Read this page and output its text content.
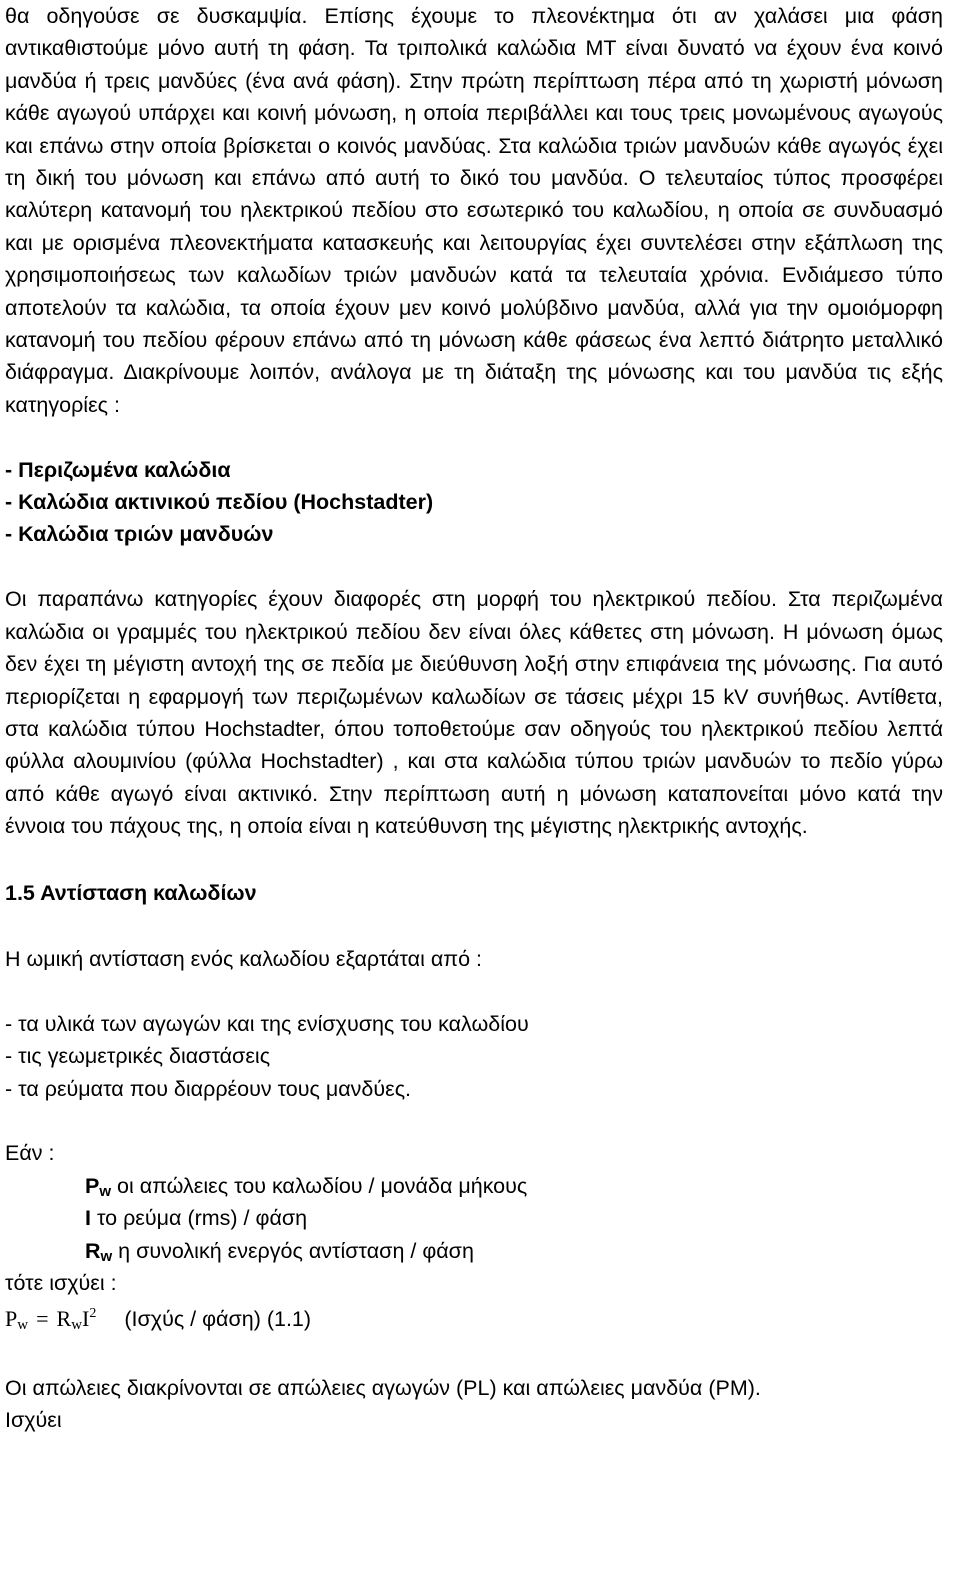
θα οδηγούσε σε δυσκαμψία. Επίσης έχουμε το πλεονέκτημα ότι αν χαλάσει μια φάση αντικαθιστούμε μόνο αυτή τη φάση. Τα τριπολικά καλώδια ΜΤ είναι δυνατό να έχουν ένα κοινό μανδύα ή τρεις μανδύες (ένα ανά φάση). Στην πρώτη περίπτωση πέρα από τη χωριστή μόνωση κάθε αγωγού υπάρχει και κοινή μόνωση, η οποία περιβάλλει και τους τρεις μονωμένους αγωγούς και επάνω στην οποία βρίσκεται ο κοινός μανδύας. Στα καλώδια τριών μανδυών κάθε αγωγός έχει τη δική του μόνωση και επάνω από αυτή το δικό του μανδύα. Ο τελευταίος τύπος προσφέρει καλύτερη κατανομή του ηλεκτρικού πεδίου στο εσωτερικό του καλωδίου, η οποία σε συνδυασμό και με ορισμένα πλεονεκτήματα κατασκευής και λειτουργίας έχει συντελέσει στην εξάπλωση της χρησιμοποιήσεως των καλωδίων τριών μανδυών κατά τα τελευταία χρόνια. Ενδιάμεσο τύπο αποτελούν τα καλώδια, τα οποία έχουν μεν κοινό μολύβδινο μανδύα, αλλά για την ομοιόμορφη κατανομή του πεδίου φέρουν επάνω από τη μόνωση κάθε φάσεως ένα λεπτό διάτρητο μεταλλικό διάφραγμα. Διακρίνουμε λοιπόν, ανάλογα με τη διάταξη της μόνωσης και του μανδύα τις εξής κατηγορίες :

- Περιζωμένα καλώδια

- Καλώδια ακτινικού πεδίου (Hochstadter)

- Καλώδια τριών μανδυών

Οι παραπάνω κατηγορίες έχουν διαφορές στη μορφή του ηλεκτρικού πεδίου. Στα περιζωμένα καλώδια οι γραμμές του ηλεκτρικού πεδίου δεν είναι όλες κάθετες στη μόνωση. Η μόνωση όμως δεν έχει τη μέγιστη αντοχή της σε πεδία με διεύθυνση λοξή στην επιφάνεια της μόνωσης. Για αυτό περιορίζεται η εφαρμογή των περιζωμένων καλωδίων σε τάσεις μέχρι 15 kV συνήθως. Αντίθετα, στα καλώδια τύπου Hochstadter, όπου τοποθετούμε σαν οδηγούς του ηλεκτρικού πεδίου λεπτά φύλλα αλουμινίου (φύλλα Hochstadter) , και στα καλώδια τύπου τριών μανδυών το πεδίο γύρω από κάθε αγωγό είναι ακτινικό. Στην περίπτωση αυτή η μόνωση καταπονείται μόνο κατά την έννοια του πάχους της, η οποία είναι η κατεύθυνση της μέγιστης ηλεκτρικής αντοχής.

1.5 Αντίσταση καλωδίων

Η ωμική αντίσταση ενός καλωδίου εξαρτάται από :

- τα υλικά των αγωγών και της ενίσχυσης του καλωδίου

- τις γεωμετρικές διαστάσεις

- τα ρεύματα που διαρρέουν τους μανδύες.

Εάν :

$P_w$ οι απώλειες του καλωδίου / μονάδα μήκους

I το ρεύμα (rms) / φάση

$R_w$ η συνολική ενεργός αντίσταση / φάση

τότε ισχύει :

$P_w = R_wI^2$ (Ισχύς / φάση) (1.1)

Οι απώλειες διακρίνονται σε απώλειες αγωγών (PL) και απώλειες μανδύα (PM).

Ισχύει
